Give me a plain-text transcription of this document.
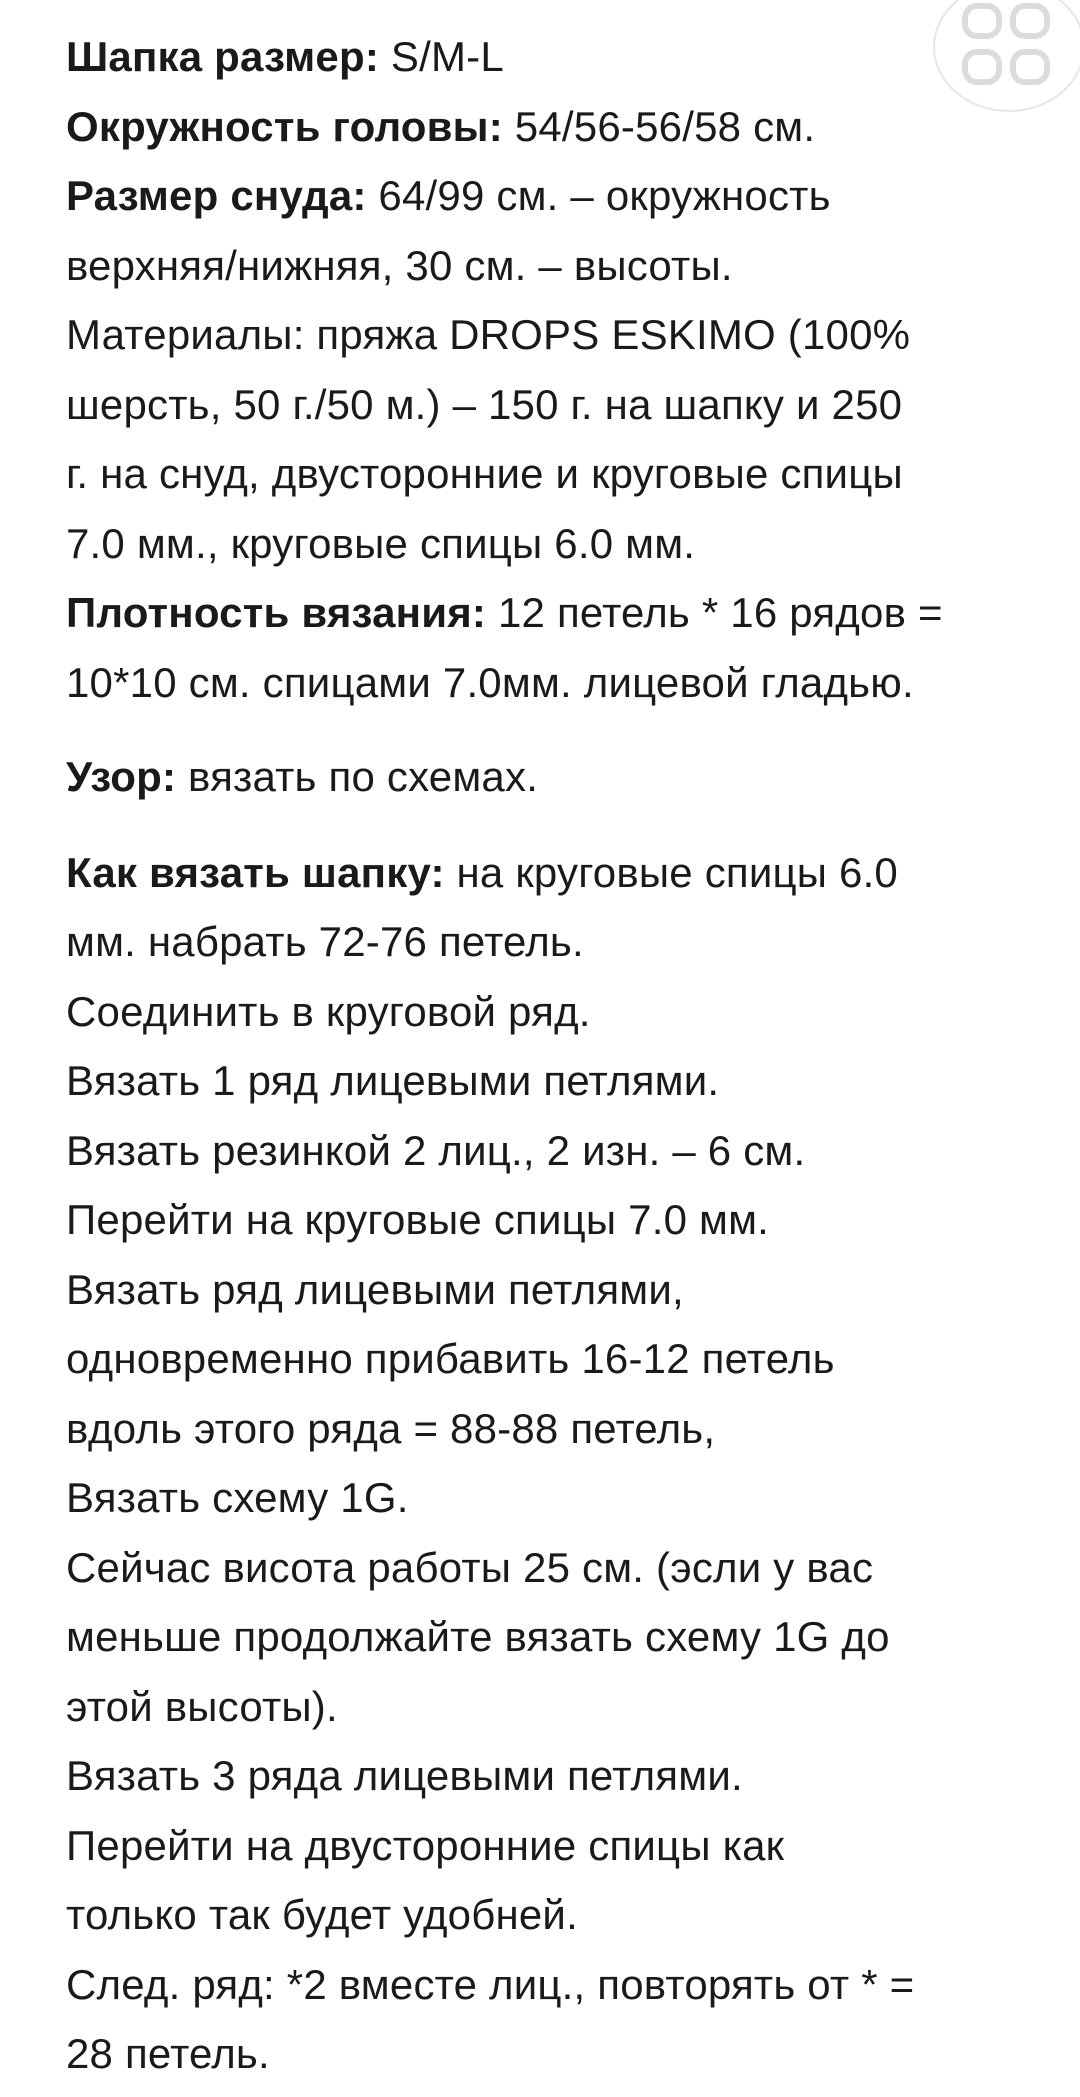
Шапка размер: S/M-L
Окружность головы: 54/56-56/58 см.
Размер снуда: 64/99 см. – окружность
верхняя/нижняя, 30 см. – высоты.
Материалы: пряжа DROPS ESKIMO (100%
шерсть, 50 г./50 м.) – 150 г. на шапку и 250
г. на снуд, двусторонние и круговые спицы
7.0 мм., круговые спицы 6.0 мм.
Плотность вязания: 12 петель * 16 рядов =
10*10 см. спицами 7.0мм. лицевой гладью.

Узор: вязать по схемах.

Как вязать шапку: на круговые спицы 6.0
мм. набрать 72-76 петель.
Соединить в круговой ряд.
Вязать 1 ряд лицевыми петлями.
Вязать резинкой 2 лиц., 2 изн. – 6 см.
Перейти на круговые спицы 7.0 мм.
Вязать ряд лицевыми петлями,
одновременно прибавить 16-12 петель
вдоль этого ряда = 88-88 петель,
Вязать схему 1G.
Сейчас висота работы 25 см. (эсли у вас
меньше продолжайте вязать схему 1G до
этой высоты).
Вязать 3 ряда лицевыми петлями.
Перейти на двусторонние спицы как
только так будет удобней.
След. ряд: *2 вместе лиц., повторять от * =
28 петель.
